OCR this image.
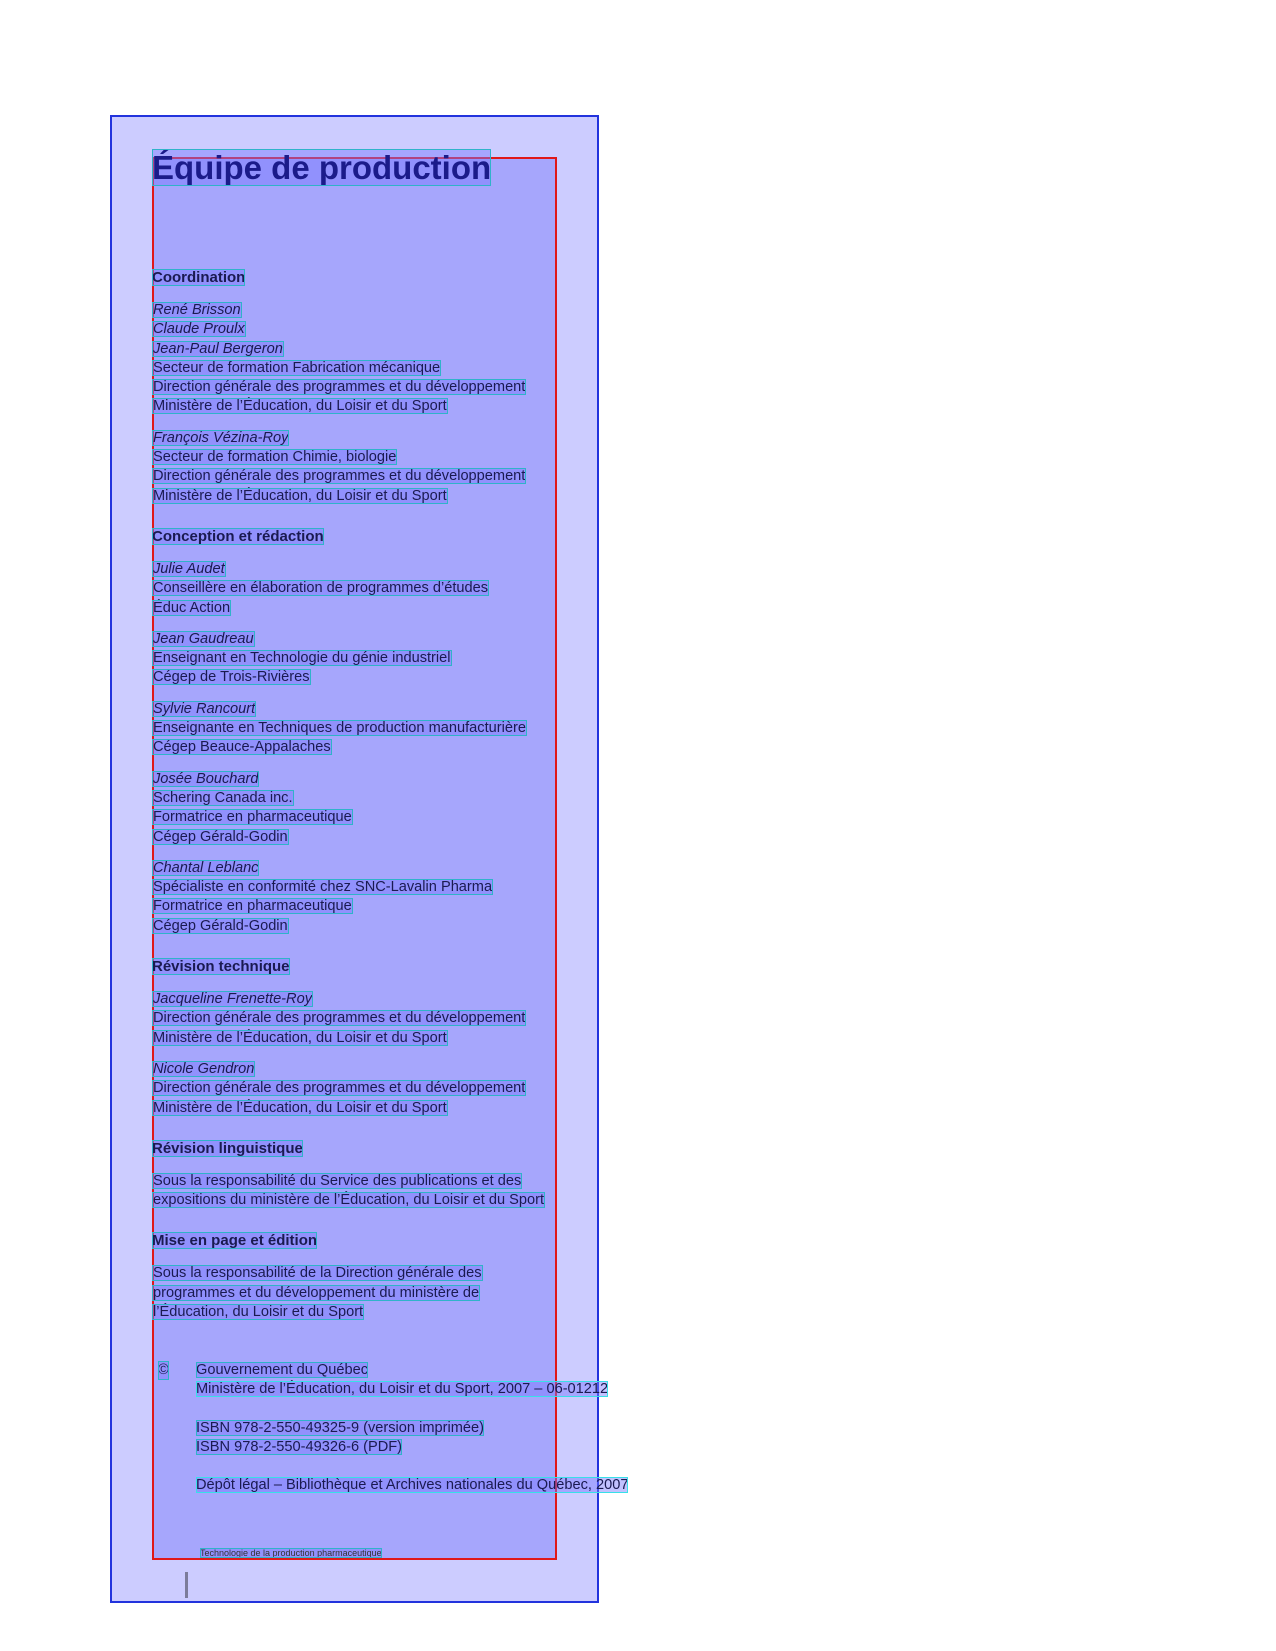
Équipe de production
Coordination
René Brisson
Claude Proulx
Jean-Paul Bergeron
Secteur de formation Fabrication mécanique
Direction générale des programmes et du développement
Ministère de l’Éducation, du Loisir et du Sport
François Vézina-Roy
Secteur de formation Chimie, biologie
Direction générale des programmes et du développement
Ministère de l’Éducation, du Loisir et du Sport
Conception et rédaction
Julie Audet
Conseillère en élaboration de programmes d’études
Éduc Action
Jean Gaudreau
Enseignant en Technologie du génie industriel
Cégep de Trois-Rivières
Sylvie Rancourt
Enseignante en Techniques de production manufacturière
Cégep Beauce-Appalaches
Josée Bouchard
Schering Canada inc.
Formatrice en pharmaceutique
Cégep Gérald-Godin
Chantal Leblanc
Spécialiste en conformité chez SNC-Lavalin Pharma
Formatrice en pharmaceutique
Cégep Gérald-Godin
Révision technique
Jacqueline Frenette-Roy
Direction générale des programmes et du développement
Ministère de l’Éducation, du Loisir et du Sport
Nicole Gendron
Direction générale des programmes et du développement
Ministère de l’Éducation, du Loisir et du Sport
Révision linguistique
Sous la responsabilité du Service des publications et des
expositions du ministère de l’Éducation, du Loisir et du Sport
Mise en page et édition
Sous la responsabilité de la Direction générale des
programmes et du développement du ministère de
l’Éducation, du Loisir et du Sport
© Gouvernement du Québec
Ministère de l’Éducation, du Loisir et du Sport, 2007 – 06-01212
ISBN 978-2-550-49325-9 (version imprimée)
ISBN 978-2-550-49326-6 (PDF)
Dépôt légal – Bibliothèque et Archives nationales du Québec, 2007
Technologie de la production pharmaceutique
